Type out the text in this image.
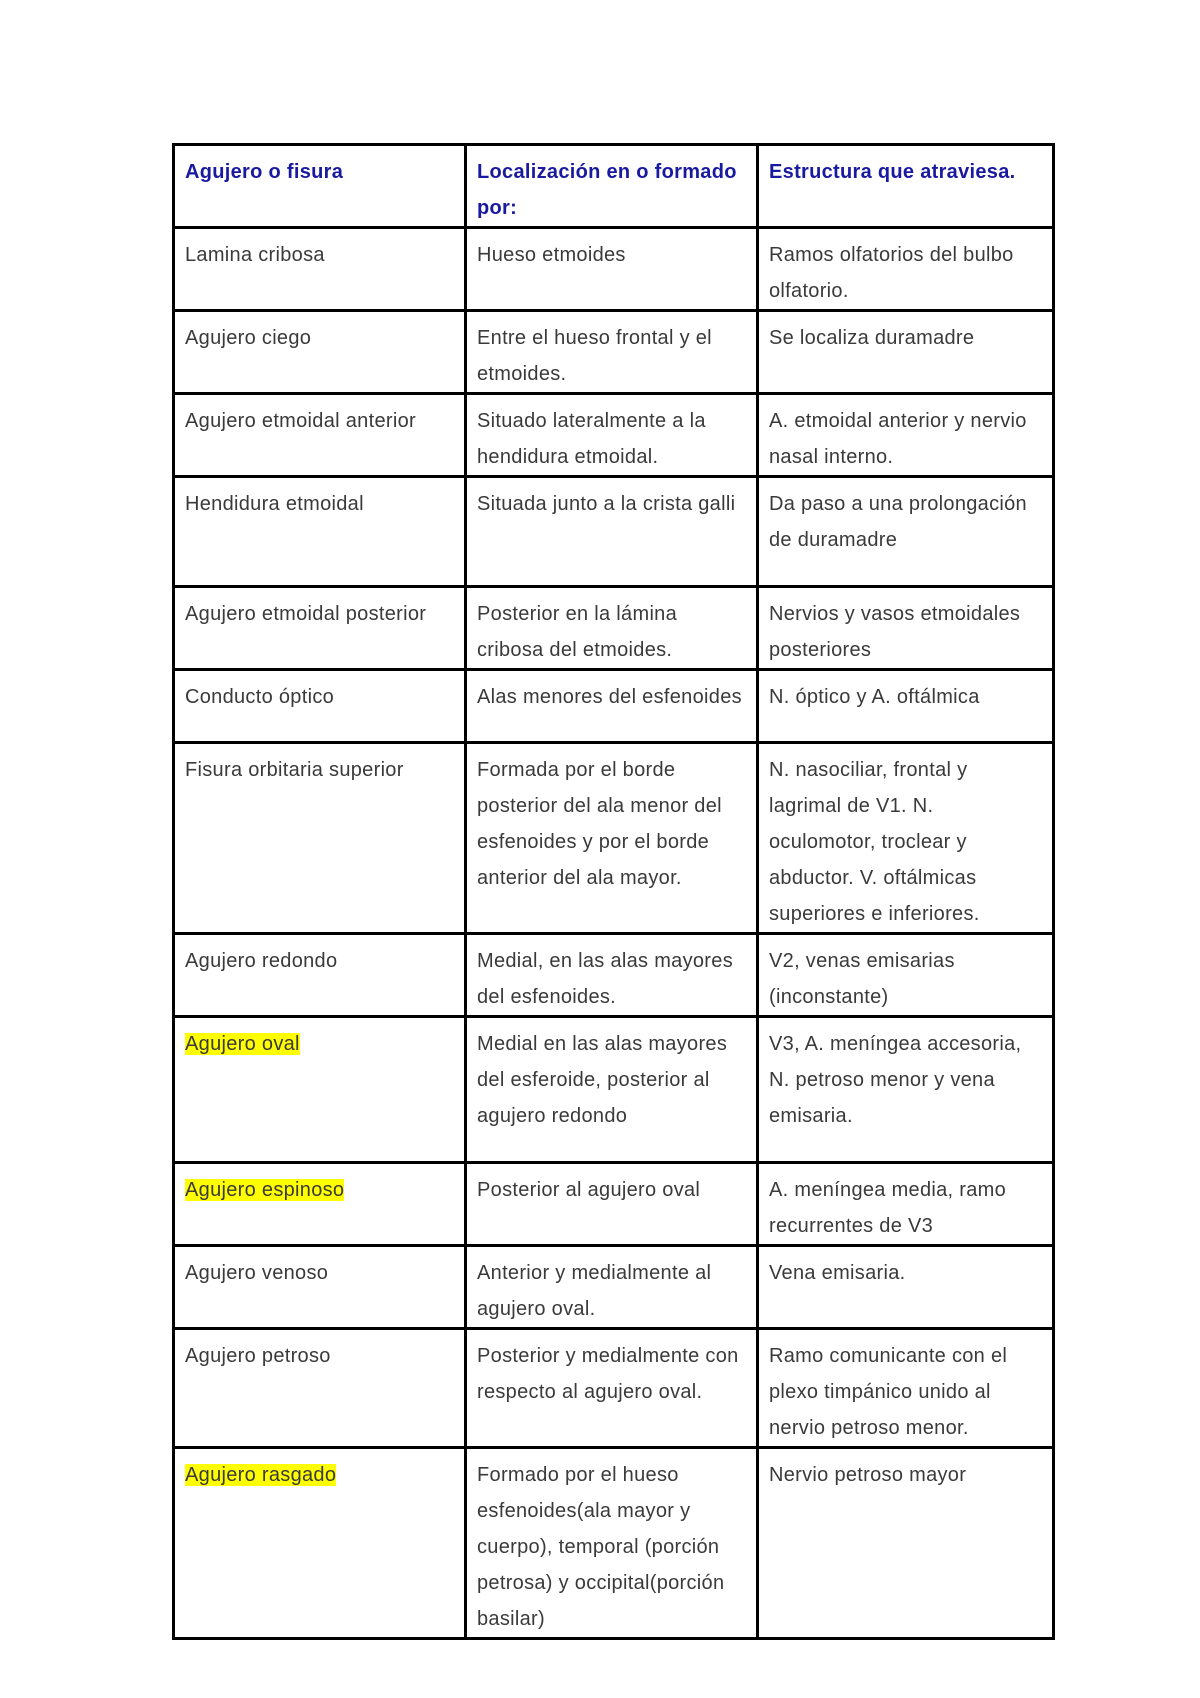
Agujero o fisura	Localización en o formado por:	Estructura que atraviesa.
Lamina cribosa	Hueso etmoides	Ramos olfatorios del bulbo olfatorio.
Agujero ciego	Entre el hueso frontal y el etmoides.	Se localiza duramadre
Agujero etmoidal anterior	Situado lateralmente a la hendidura etmoidal.	A. etmoidal anterior y nervio nasal interno.
Hendidura etmoidal	Situada junto a la crista galli	Da paso a una prolongación de duramadre
Agujero etmoidal posterior	Posterior en la lámina cribosa del etmoides.	Nervios y vasos etmoidales posteriores
Conducto óptico	Alas menores del esfenoides	N. óptico y A. oftálmica
Fisura orbitaria superior	Formada por el borde posterior del ala menor del esfenoides y por el borde anterior del ala mayor.	N. nasociliar, frontal y lagrimal de V1. N. oculomotor, troclear y abductor. V. oftálmicas superiores e inferiores.
Agujero redondo	Medial, en las alas mayores del esfenoides.	V2, venas emisarias (inconstante)
Agujero oval	Medial en las alas mayores del esferoide, posterior al agujero redondo	V3, A. meníngea accesoria, N. petroso menor y vena emisaria.
Agujero espinoso	Posterior al agujero oval	A. meníngea media, ramo recurrentes de V3
Agujero venoso	Anterior y medialmente al agujero oval.	Vena emisaria.
Agujero petroso	Posterior y medialmente con respecto al agujero oval.	Ramo comunicante con el plexo timpánico unido al nervio petroso menor.
Agujero rasgado	Formado por el hueso esfenoides(ala mayor y cuerpo), temporal (porción petrosa) y occipital(porción basilar)	Nervio petroso mayor
